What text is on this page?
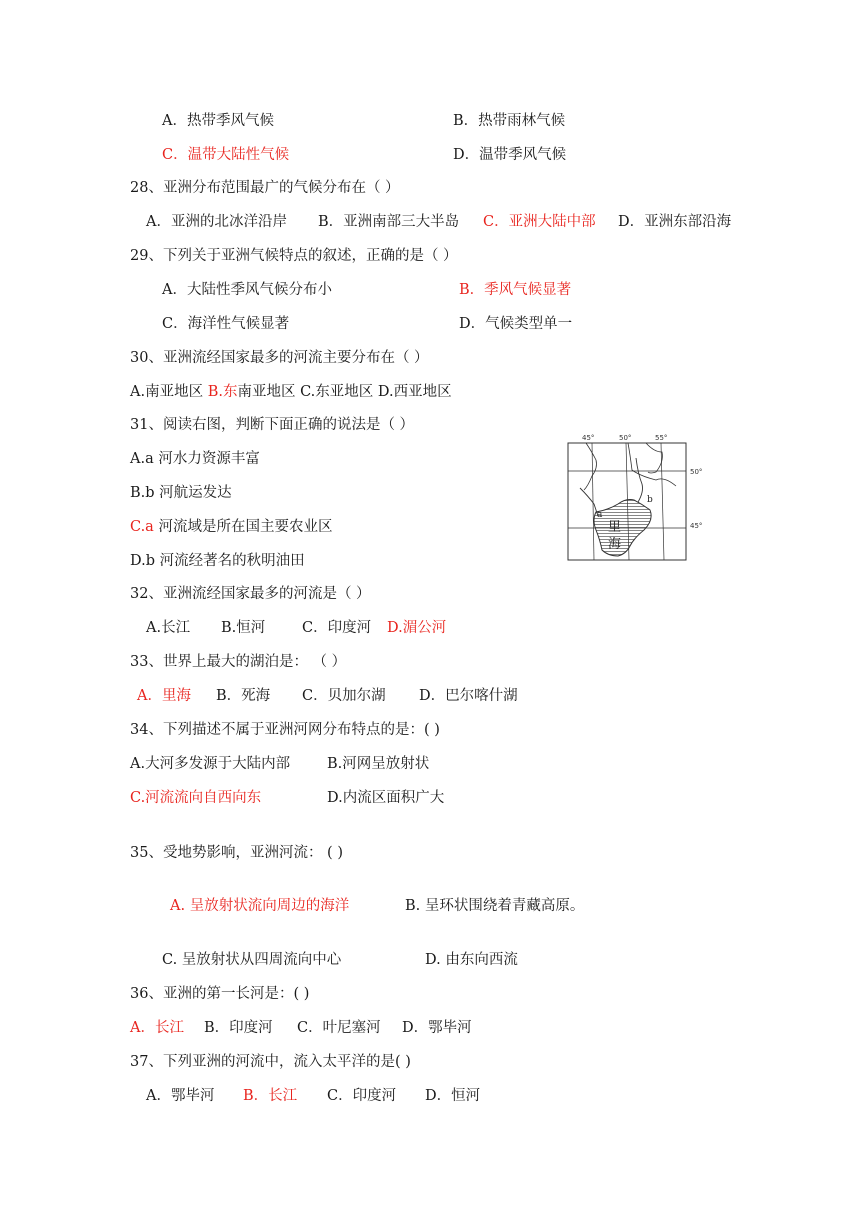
A．热带季风气候	B．热带雨林气候
C．温带大陆性气候	D．温带季风气候
28、亚洲分布范围最广的气候分布在（ ）
A．亚洲的北冰洋沿岸 B．亚洲南部三大半岛 C．亚洲大陆中部 D．亚洲东部沿海
29、下列关于亚洲气候特点的叙述，正确的是（ ）
A．大陆性季风气候分布小	B．季风气候显著
C．海洋性气候显著	D．气候类型单一
30、亚洲流经国家最多的河流主要分布在（ ）
A.南亚地区 B.东南亚地区 C.东亚地区 D.西亚地区
31、阅读右图，判断下面正确的说法是（ ）
A.a 河水力资源丰富
B.b 河航运发达
C.a 河流域是所在国主要农业区
D.b 河流经著名的秋明油田
45°	50°	55°
50°
45°
a
b
里
海
32、亚洲流经国家最多的河流是（ ）
A.长江 B.恒河	C．印度河 D.湄公河
33、世界上最大的湖泊是： （ ）
A．里海 B．死海 C．贝加尔湖 D．巴尔喀什湖
34、下列描述不属于亚洲河网分布特点的是：( )
A.大河多发源于大陆内部	B.河网呈放射状
C.河流流向自西向东	D.内流区面积广大
35、受地势影响，亚洲河流： ( )
A. 呈放射状流向周边的海洋	B. 呈环状围绕着青藏高原。
C. 呈放射状从四周流向中心	D. 由东向西流
36、亚洲的第一长河是：( )
A．长江 B．印度河 C．叶尼塞河 D．鄂毕河
37、下列亚洲的河流中，流入太平洋的是( )
A．鄂毕河 B．长江 C．印度河 D．恒河
